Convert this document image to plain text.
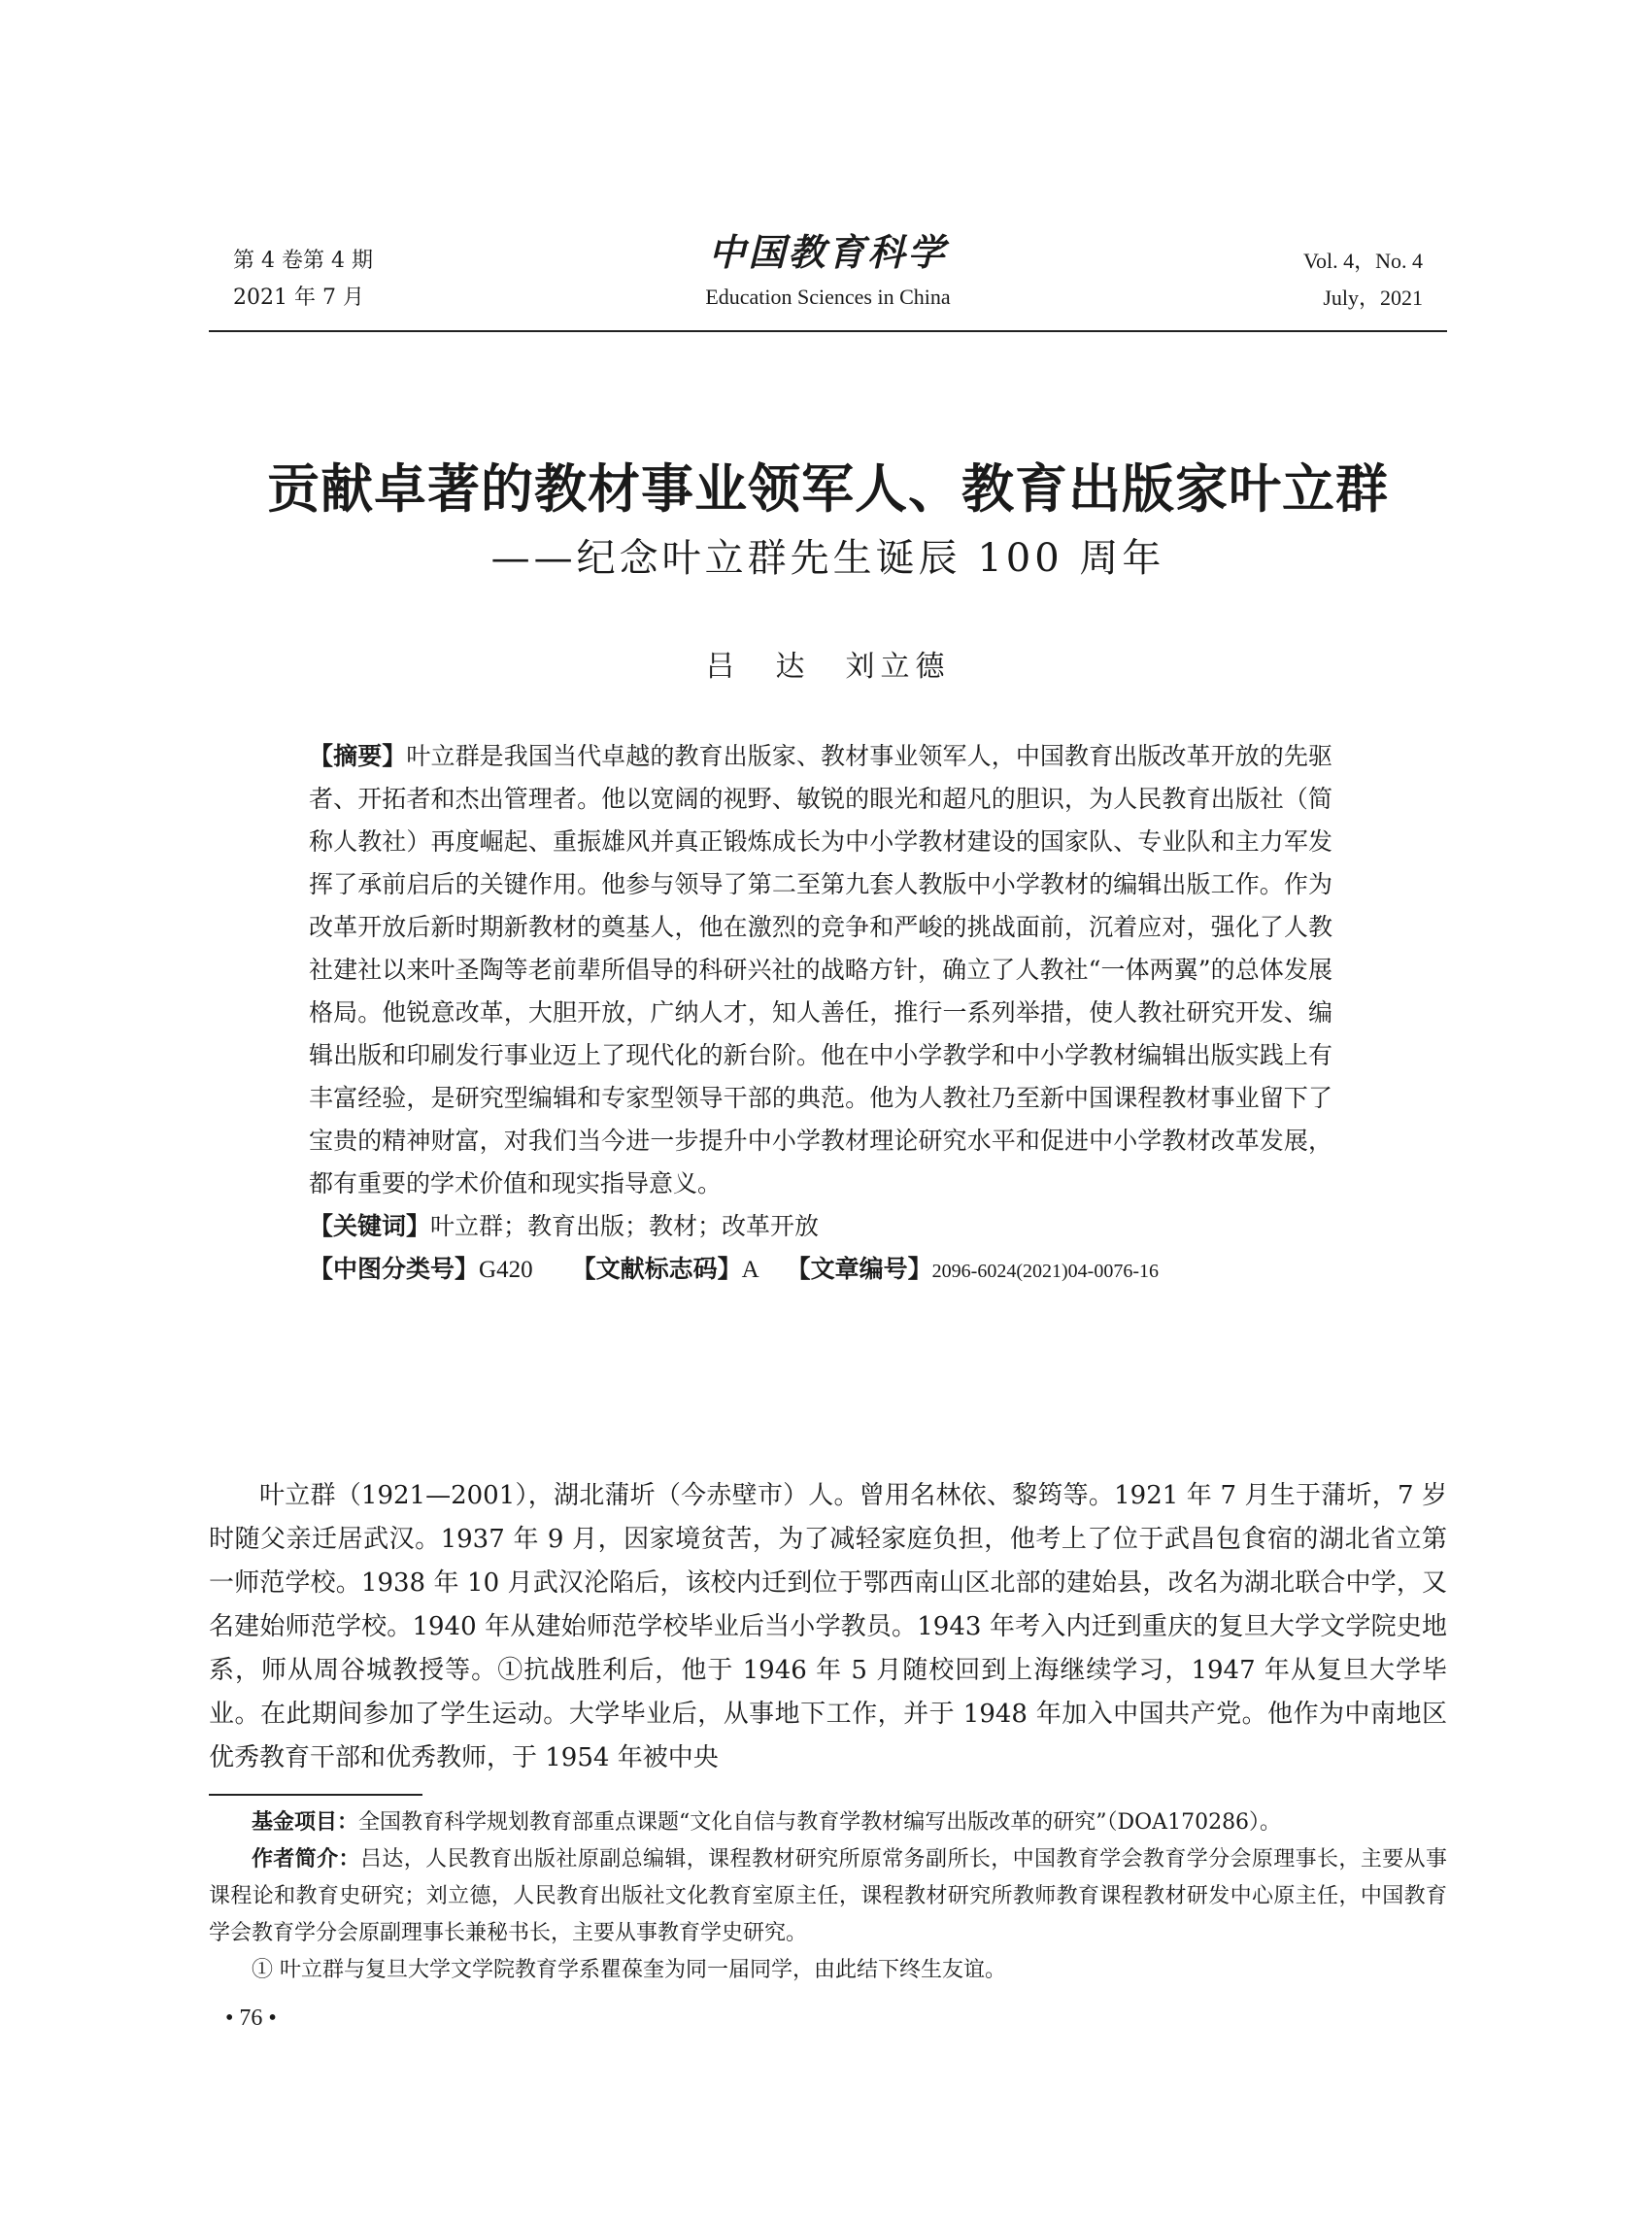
第 4 卷第 4 期
2021 年 7 月
中国教育科学
Education Sciences in China
Vol. 4，No. 4
July，2021
贡献卓著的教材事业领军人、教育出版家叶立群
——纪念叶立群先生诞辰 100 周年
吕　达　刘立德

【摘要】叶立群是我国当代卓越的教育出版家、教材事业领军人，中国教育出版改革开放的先驱者、开拓者和杰出管理者。他以宽阔的视野、敏锐的眼光和超凡的胆识，为人民教育出版社（简称人教社）再度崛起、重振雄风并真正锻炼成长为中小学教材建设的国家队、专业队和主力军发挥了承前启后的关键作用。他参与领导了第二至第九套人教版中小学教材的编辑出版工作。作为改革开放后新时期新教材的奠基人，他在激烈的竞争和严峻的挑战面前，沉着应对，强化了人教社建社以来叶圣陶等老前辈所倡导的科研兴社的战略方针，确立了人教社“一体两翼”的总体发展格局。他锐意改革，大胆开放，广纳人才，知人善任，推行一系列举措，使人教社研究开发、编辑出版和印刷发行事业迈上了现代化的新台阶。他在中小学教学和中小学教材编辑出版实践上有丰富经验，是研究型编辑和专家型领导干部的典范。他为人教社乃至新中国课程教材事业留下了宝贵的精神财富，对我们当今进一步提升中小学教材理论研究水平和促进中小学教材改革发展，都有重要的学术价值和现实指导意义。

【关键词】叶立群；教育出版；教材；改革开放

【中图分类号】G420 【文献标志码】A 【文章编号】2096-6024(2021)04-0076-16

叶立群（1921—2001），湖北蒲圻（今赤壁市）人。曾用名林依、黎筠等。1921 年 7 月生于蒲圻，7 岁时随父亲迁居武汉。1937 年 9 月，因家境贫苦，为了减轻家庭负担，他考上了位于武昌包食宿的湖北省立第一师范学校。1938 年 10 月武汉沦陷后，该校内迁到位于鄂西南山区北部的建始县，改名为湖北联合中学，又名建始师范学校。1940 年从建始师范学校毕业后当小学教员。1943 年考入内迁到重庆的复旦大学文学院史地系，师从周谷城教授等。①抗战胜利后，他于 1946 年 5 月随校回到上海继续学习，1947 年从复旦大学毕业。在此期间参加了学生运动。大学毕业后，从事地下工作，并于 1948 年加入中国共产党。他作为中南地区优秀教育干部和优秀教师，于 1954 年被中央

基金项目：全国教育科学规划教育部重点课题“文化自信与教育学教材编写出版改革的研究”（DOA170286）。

作者简介：吕达，人民教育出版社原副总编辑，课程教材研究所原常务副所长，中国教育学会教育学分会原理事长，主要从事课程论和教育史研究；刘立德，人民教育出版社文化教育室原主任，课程教材研究所教师教育课程教材研发中心原主任，中国教育学会教育学分会原副理事长兼秘书长，主要从事教育学史研究。

① 叶立群与复旦大学文学院教育学系瞿葆奎为同一届同学，由此结下终生友谊。

• 76 •
